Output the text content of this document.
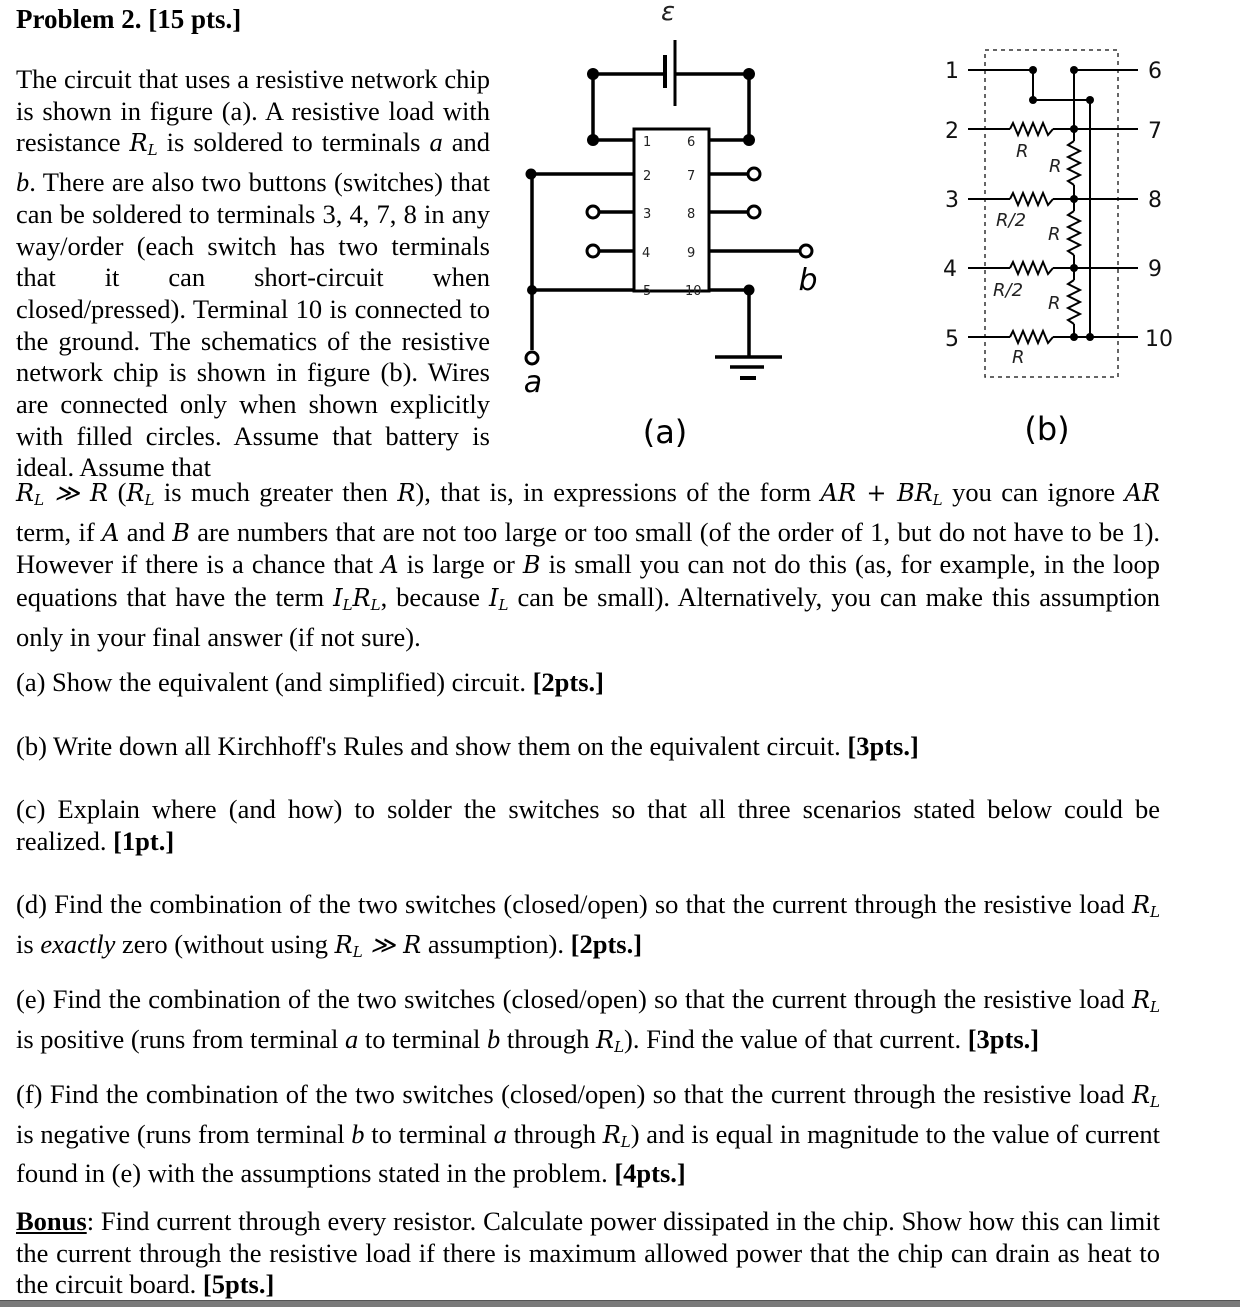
Problem 2. [15 pts.]
The circuit that uses a resistive network chip is shown in figure (a). A resistive load with resistance $R_L$ is soldered to terminals a and b. There are also two buttons (switches) that can be soldered to terminals 3, 4, 7, 8 in any way/order (each switch has two terminals that it can short-circuit when closed/pressed). Terminal 10 is connected to the ground. The schematics of the resistive network chip is shown in figure (b). Wires are connected only when shown explicitly with filled circles. Assume that battery is ideal. Assume that
$R_L$ ≫ R ($R_L$ is much greater then R), that is, in expressions of the form AR + $BR_L$ you can ignore AR term, if A and B are numbers that are not too large or too small (of the order of 1, but do not have to be 1). However if there is a chance that A is large or B is small you can not do this (as, for example, in the loop equations that have the term $I_LR_L$, because $I_L$ can be small). Alternatively, you can make this assumption only in your final answer (if not sure).
(a) Show the equivalent (and simplified) circuit. [2pts.]
(b) Write down all Kirchhoff's Rules and show them on the equivalent circuit. [3pts.]
(c) Explain where (and how) to solder the switches so that all three scenarios stated below could be realized. [1pt.]
(d) Find the combination of the two switches (closed/open) so that the current through the resistive load $R_L$ is exactly zero (without using $R_L$ ≫ R assumption). [2pts.]
(e) Find the combination of the two switches (closed/open) so that the current through the resistive load $R_L$ is positive (runs from terminal a to terminal b through $R_L$). Find the value of that current. [3pts.]
(f) Find the combination of the two switches (closed/open) so that the current through the resistive load $R_L$ is negative (runs from terminal b to terminal a through $R_L$) and is equal in magnitude to the value of current found in (e) with the assumptions stated in the problem. [4pts.]
Bonus: Find current through every resistor. Calculate power dissipated in the chip. Show how this can limit the current through the resistive load if there is maximum allowed power that the chip can drain as heat to the circuit board. [5pts.]
1
2
3
4
5
6
7
8
9
10
ε
a
b
(a)
1
2
3
4
5
6
7
8
9
10
R
R/2
R/2
R
R
R
R
(b)
